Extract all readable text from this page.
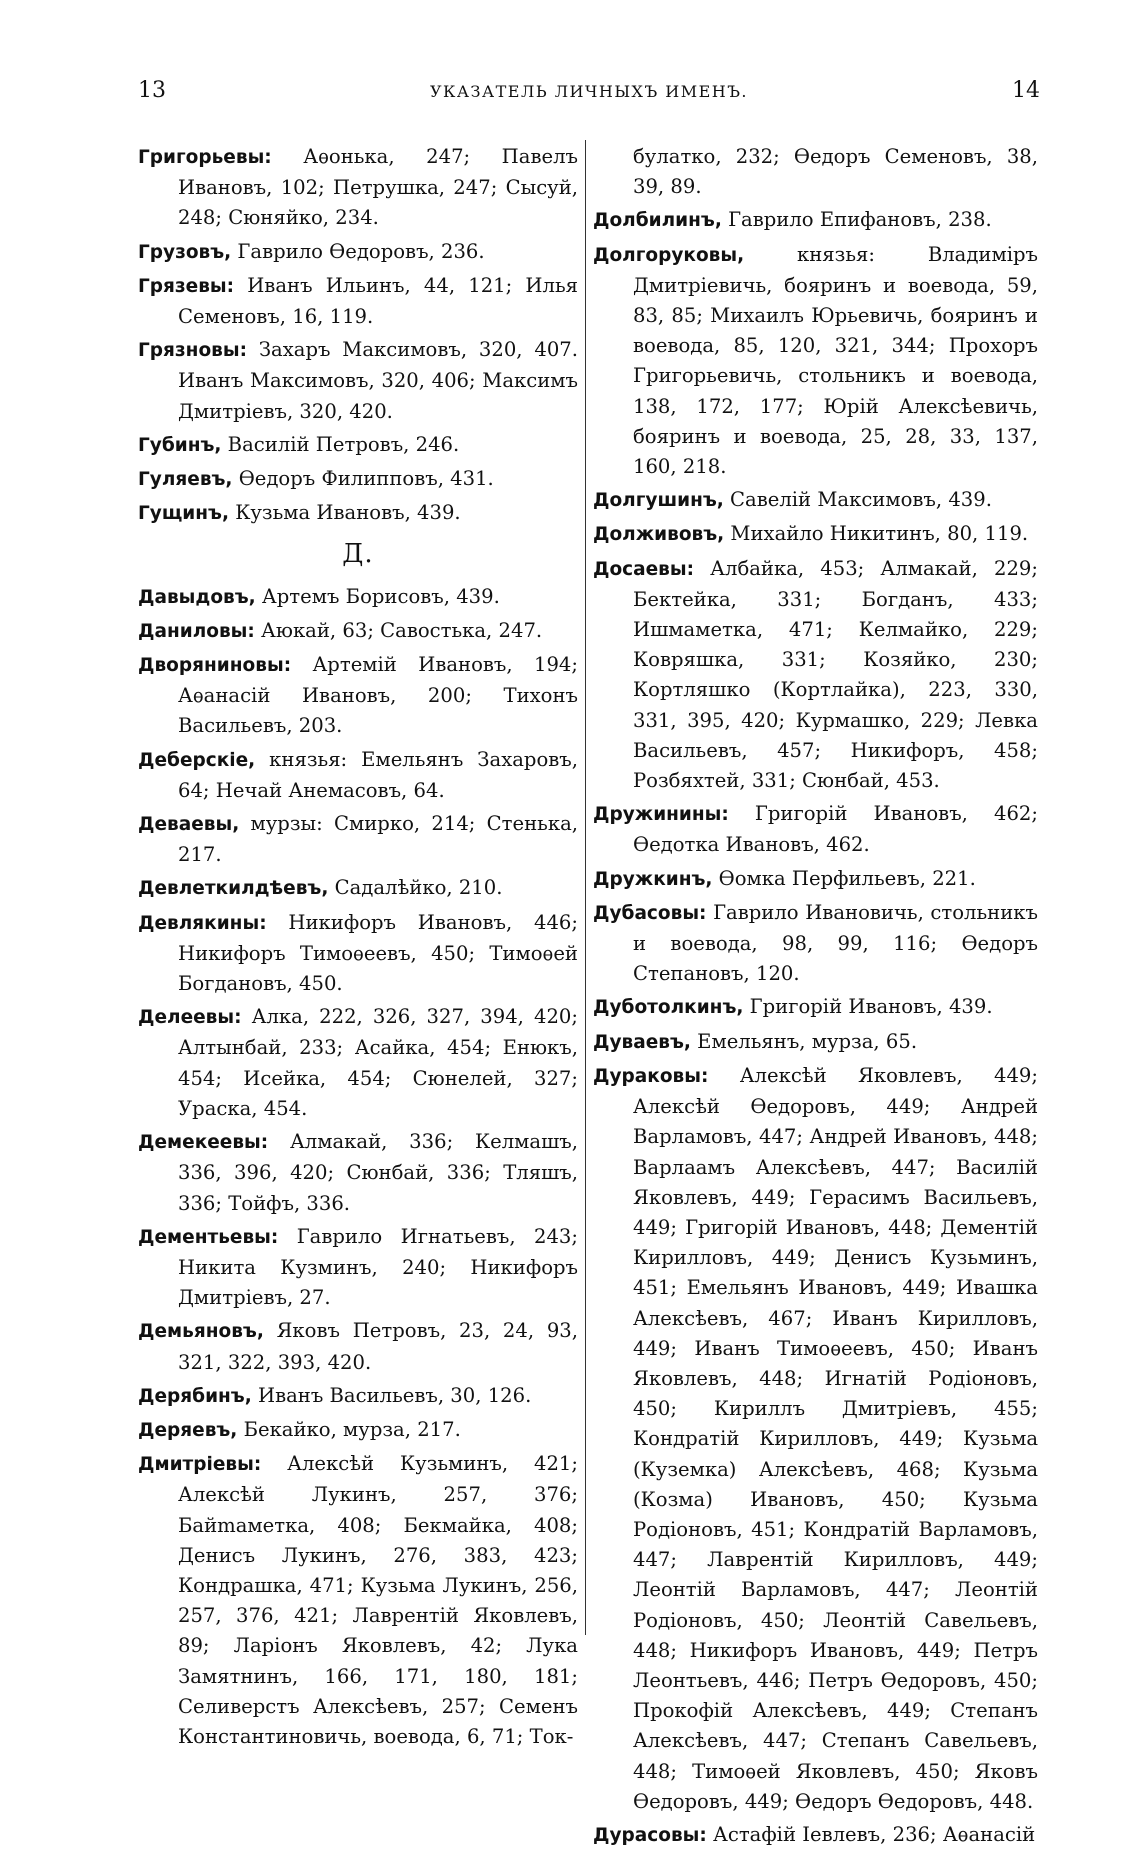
13	УКАЗАТЕЛЬ ЛИЧНЫХЪ ИМЕНЪ.	14

Григорьевы: Аѳонька, 247; Павелъ Ивановъ, 102; Петрушка, 247; Сысуй, 248; Сюняйко, 234.

Грузовъ, Гаврило Ѳедоровъ, 236.

Грязевы: Иванъ Ильинъ, 44, 121; Илья Семеновъ, 16, 119.

Грязновы: Захаръ Максимовъ, 320, 407. Иванъ Максимовъ, 320, 406; Максимъ Дмитріевъ, 320, 420.

Губинъ, Василій Петровъ, 246.

Гуляевъ, Ѳедоръ Филипповъ, 431.

Гущинъ, Кузьма Ивановъ, 439.

Д.

Давыдовъ, Артемъ Борисовъ, 439.

Даниловы: Аюкай, 63; Савостька, 247.

Дворяниновы: Артемій Ивановъ, 194; Аѳанасій Ивановъ, 200; Тихонъ Васильевъ, 203.

Деберскіе, князья: Емельянъ Захаровъ, 64; Нечай Анемасовъ, 64.

Деваевы, мурзы: Смирко, 214; Стенька, 217.

Девлеткилдѣевъ, Садалѣйко, 210.

Девлякины: Никифоръ Ивановъ, 446; Никифоръ Тимоѳеевъ, 450; Тимоѳей Богдановъ, 450.

Делеевы: Алка, 222, 326, 327, 394, 420; Алтынбай, 233; Асайка, 454; Енюкъ, 454; Исейка, 454; Сюнелей, 327; Ураска, 454.

Демекеевы: Алмакай, 336; Келмашъ, 336, 396, 420; Сюнбай, 336; Тляшъ, 336; Тойфъ, 336.

Дементьевы: Гаврило Игнатьевъ, 243; Никита Кузминъ, 240; Никифоръ Дмитріевъ, 27.

Демьяновъ, Яковъ Петровъ, 23, 24, 93, 321, 322, 393, 420.

Дерябинъ, Иванъ Васильевъ, 30, 126.

Деряевъ, Бекайко, мурза, 217.

Дмитріевы: Алексѣй Кузьминъ, 421; Алексѣй Лукинъ, 257, 376; Байmaметка, 408; Бекмайка, 408; Денисъ Лукинъ, 276, 383, 423; Кондрашка, 471; Кузьма Лукинъ, 256, 257, 376, 421; Лаврентій Яковлевъ, 89; Ларіонъ Яковлевъ, 42; Лука Замятнинъ, 166, 171, 180, 181; Селиверстъ Алексѣевъ, 257; Семенъ Константиновичь, воевода, 6, 71; Ток-

булатко, 232; Ѳедоръ Семеновъ, 38, 39, 89.

Долбилинъ, Гаврило Епифановъ, 238.

Долгоруковы, князья: Владиміръ Дмитріевичь, бояринъ и воевода, 59, 83, 85; Михаилъ Юрьевичь, бояринъ и воевода, 85, 120, 321, 344; Прохоръ Григорьевичь, стольникъ и воевода, 138, 172, 177; Юрій Алексѣевичь, бояринъ и воевода, 25, 28, 33, 137, 160, 218.

Долгушинъ, Савелій Максимовъ, 439.

Долживовъ, Михайло Никитинъ, 80, 119.

Досаевы: Албайка, 453; Алмакай, 229; Бектейка, 331; Богданъ, 433; Ишмаметка, 471; Келмайко, 229; Ковряшка, 331; Козяйко, 230; Кортляшко (Кортлайка), 223, 330, 331, 395, 420; Курмашко, 229; Левка Васильевъ, 457; Никифоръ, 458; Розбяхтей, 331; Сюнбай, 453.

Дружинины: Григорій Ивановъ, 462; Ѳедотка Ивановъ, 462.

Дружкинъ, Ѳомка Перфильевъ, 221.

Дубасовы: Гаврило Ивановичь, стольникъ и воевода, 98, 99, 116; Ѳедоръ Степановъ, 120.

Дуботолкинъ, Григорій Ивановъ, 439.

Дуваевъ, Емельянъ, мурза, 65.

Дураковы: Алексѣй Яковлевъ, 449; Алексѣй Ѳедоровъ, 449; Андрей Варламовъ, 447; Андрей Ивановъ, 448; Варлаамъ Алексѣевъ, 447; Василій Яковлевъ, 449; Герасимъ Васильевъ, 449; Григорій Ивановъ, 448; Дементій Кирилловъ, 449; Денисъ Кузьминъ, 451; Емельянъ Ивановъ, 449; Ивашка Алексѣевъ, 467; Иванъ Кирилловъ, 449; Иванъ Тимоѳеевъ, 450; Иванъ Яковлевъ, 448; Игнатій Родіоновъ, 450; Кириллъ Дмитріевъ, 455; Кондратій Кирилловъ, 449; Кузьма (Куземка) Алексѣевъ, 468; Кузьма (Козма) Ивановъ, 450; Кузьма Родіоновъ, 451; Кондратій Варламовъ, 447; Лаврентій Кирилловъ, 449; Леонтій Варламовъ, 447; Леонтій Родіоновъ, 450; Леонтій Савельевъ, 448; Никифоръ Ивановъ, 449; Петръ Леонтьевъ, 446; Петръ Ѳедоровъ, 450; Прокофій Алексѣевъ, 449; Степанъ Алексѣевъ, 447; Степанъ Савельевъ, 448; Тимоѳей Яковлевъ, 450; Яковъ Ѳедоровъ, 449; Ѳедоръ Ѳедоровъ, 448.

Дурасовы: Астафій Іевлевъ, 236; Аѳанасій
